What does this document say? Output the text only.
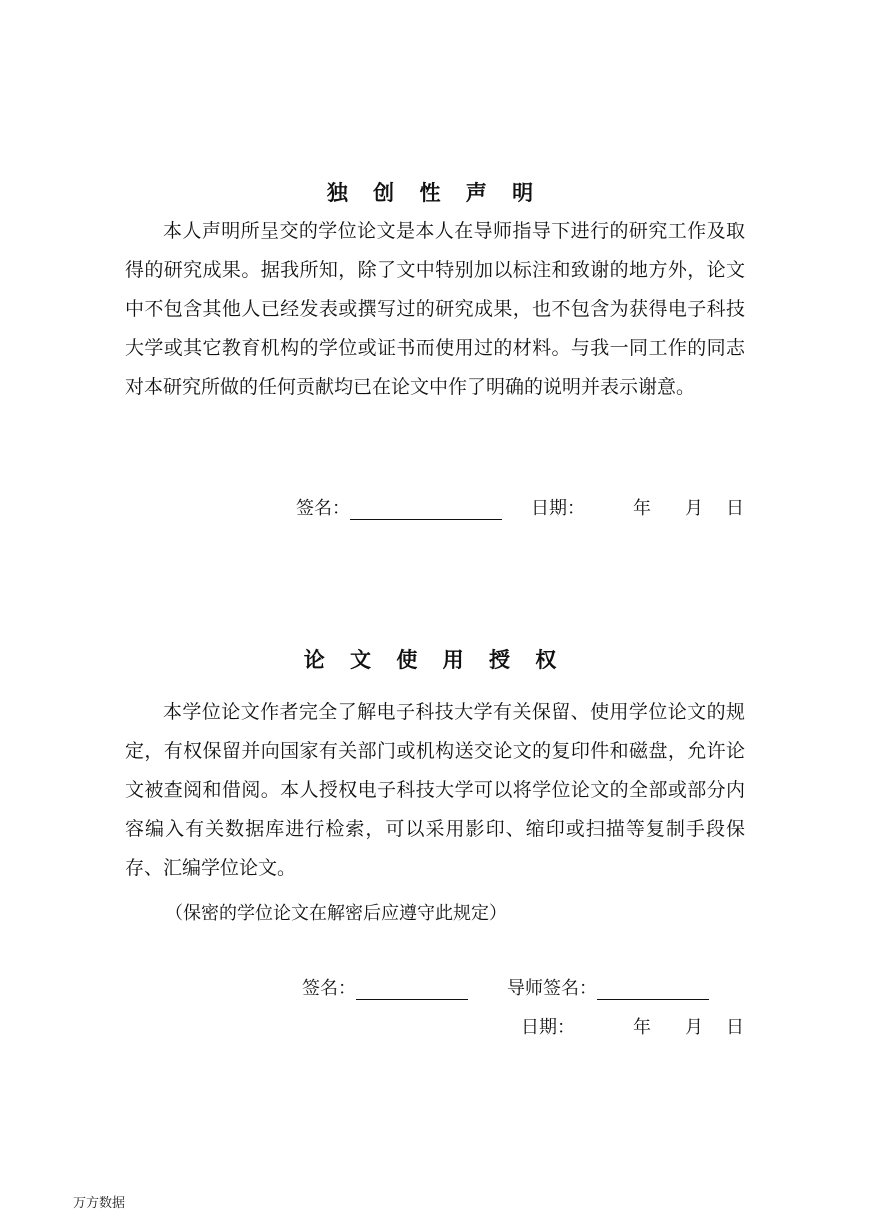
独 创 性 声 明

本人声明所呈交的学位论文是本人在导师指导下进行的研究工作及取得的研究成果。据我所知，除了文中特别加以标注和致谢的地方外，论文中不包含其他人已经发表或撰写过的研究成果，也不包含为获得电子科技大学或其它教育机构的学位或证书而使用过的材料。与我一同工作的同志对本研究所做的任何贡献均已在论文中作了明确的说明并表示谢意。

签名：	日期：	年 月 日
论 文 使 用 授 权

本学位论文作者完全了解电子科技大学有关保留、使用学位论文的规定，有权保留并向国家有关部门或机构送交论文的复印件和磁盘，允许论文被查阅和借阅。本人授权电子科技大学可以将学位论文的全部或部分内容编入有关数据库进行检索，可以采用影印、缩印或扫描等复制手段保存、汇编学位论文。

（保密的学位论文在解密后应遵守此规定）
签名：	导师签名：
日期：	年 月 日
万方数据
